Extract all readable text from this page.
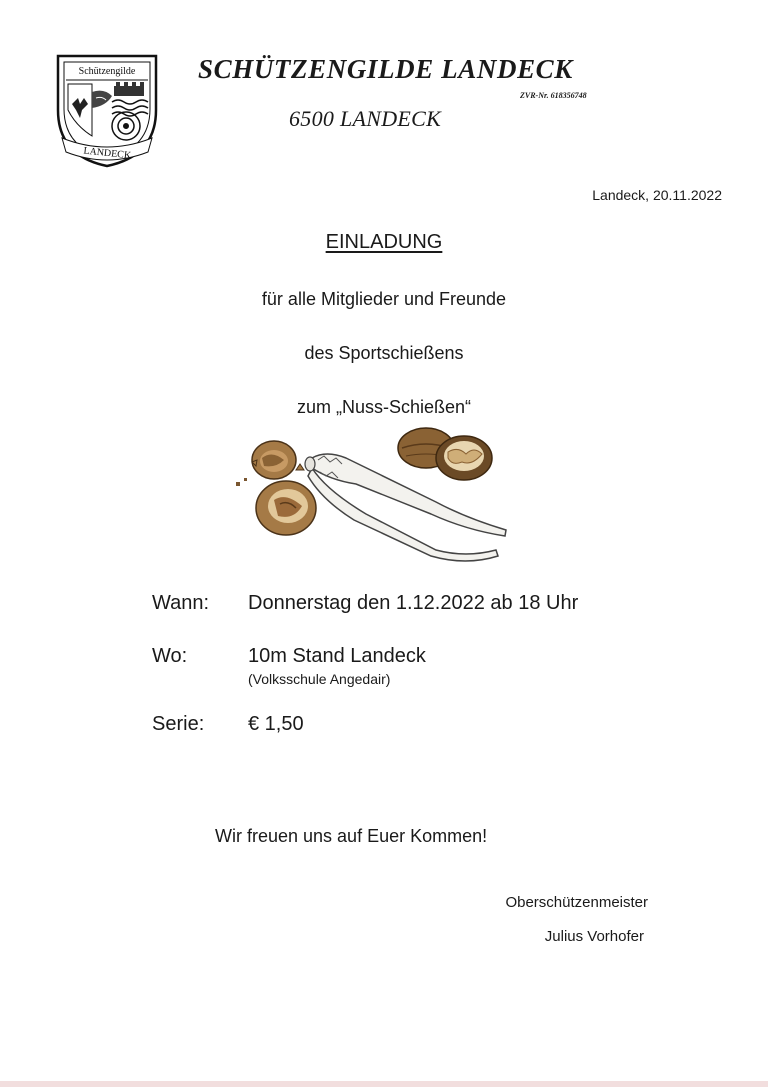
Schützengilde
LANDECK
SCHÜTZENGILDE LANDECK
ZVR-Nr. 618356748
6500 LANDECK
Landeck, 20.11.2022
EINLADUNG
für alle Mitglieder und Freunde
des Sportschießens
zum „Nuss-Schießen“
Wann: Donnerstag den 1.12.2022 ab 18 Uhr
Wo:	10m Stand Landeck
(Volksschule Angedair)
Serie: € 1,50
Wir freuen uns auf Euer Kommen!
Oberschützenmeister
Julius Vorhofer
